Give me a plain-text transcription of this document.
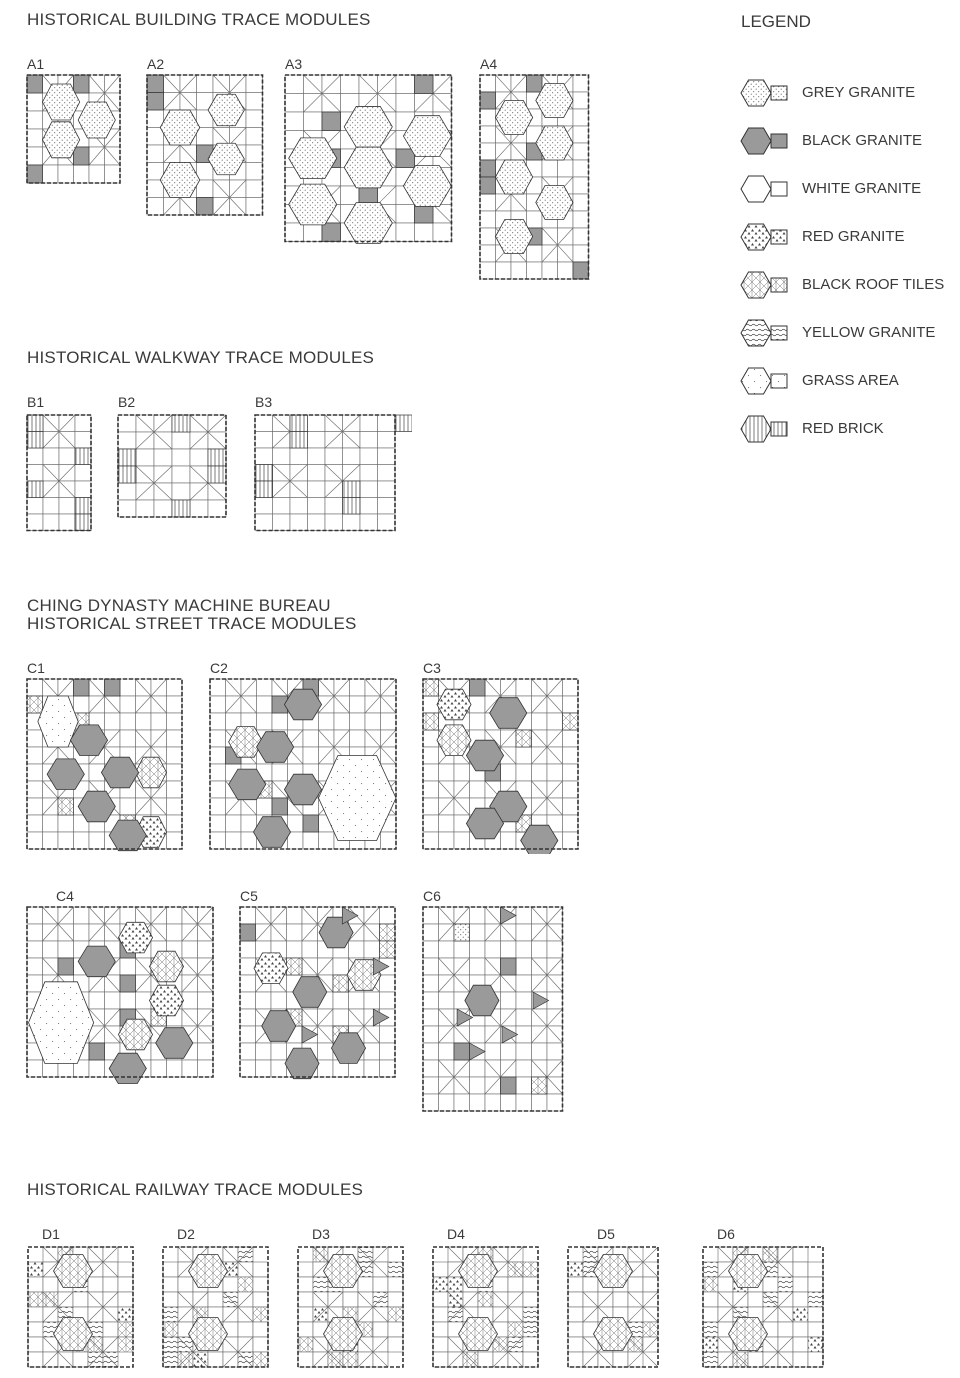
HISTORICAL BUILDING TRACE MODULES
HISTORICAL WALKWAY TRACE MODULES
CHING DYNASTY MACHINE BUREAU
HISTORICAL STREET TRACE MODULES
HISTORICAL RAILWAY TRACE MODULES
A1	A2	A3	A4
B1	B2	B3
C1	C2	C3
C4	C5	C6
D1	D2	D3	D4	D5	D6
LEGEND
GREY GRANITE
BLACK GRANITE
WHITE GRANITE
RED GRANITE
BLACK ROOF TILES
YELLOW GRANITE
GRASS AREA
RED BRICK
